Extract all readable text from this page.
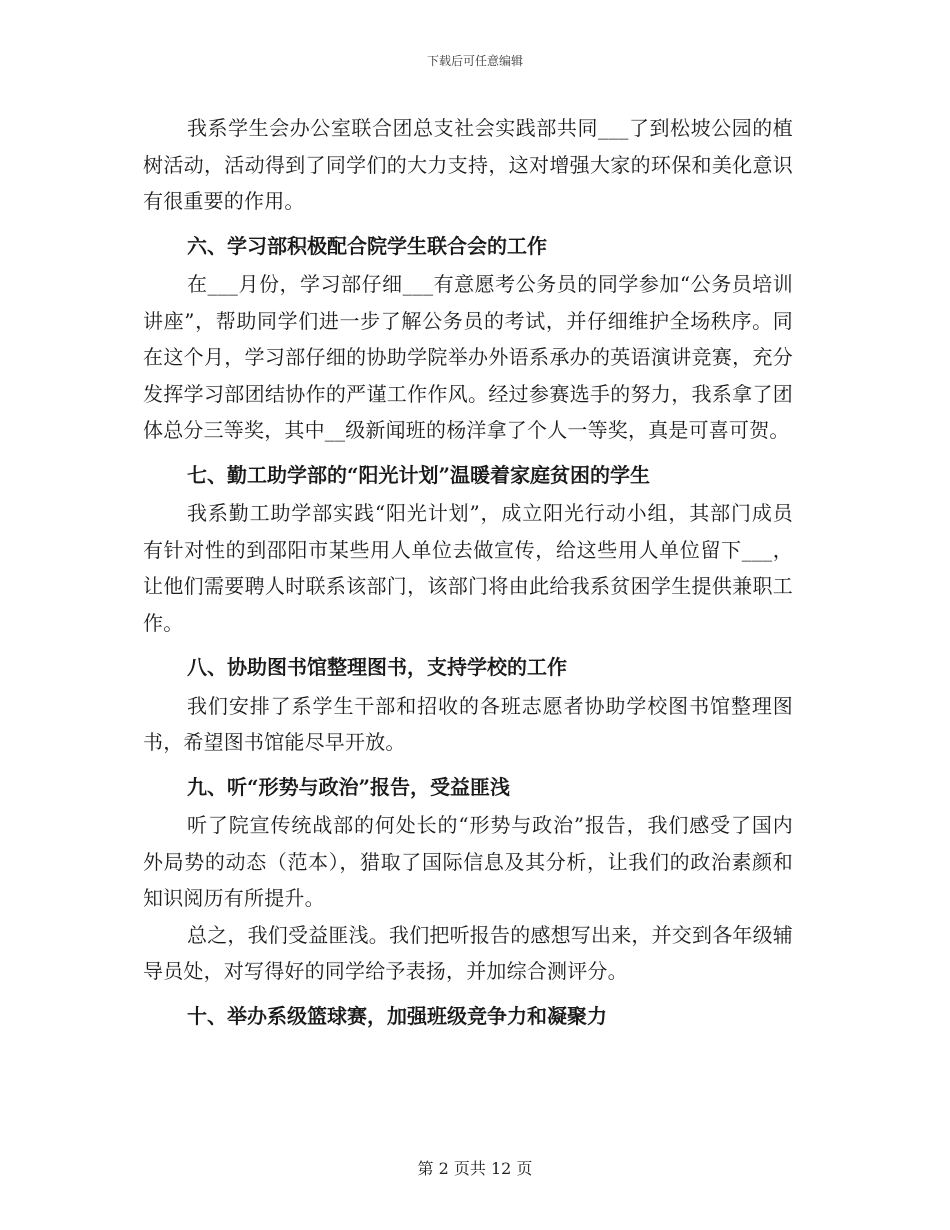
下载后可任意编辑

我系学生会办公室联合团总支社会实践部共同___了到松坡公园的植树活动，活动得到了同学们的大力支持，这对增强大家的环保和美化意识有很重要的作用。

六、学习部积极配合院学生联合会的工作

在___月份，学习部仔细___有意愿考公务员的同学参加“公务员培训讲座”，帮助同学们进一步了解公务员的考试，并仔细维护全场秩序。同在这个月，学习部仔细的协助学院举办外语系承办的英语演讲竞赛，充分发挥学习部团结协作的严谨工作作风。经过参赛选手的努力，我系拿了团体总分三等奖，其中__级新闻班的杨洋拿了个人一等奖，真是可喜可贺。

七、勤工助学部的“阳光计划”温暖着家庭贫困的学生

我系勤工助学部实践“阳光计划”，成立阳光行动小组，其部门成员有针对性的到邵阳市某些用人单位去做宣传，给这些用人单位留下___，让他们需要聘人时联系该部门，该部门将由此给我系贫困学生提供兼职工作。

八、协助图书馆整理图书，支持学校的工作

我们安排了系学生干部和招收的各班志愿者协助学校图书馆整理图书，希望图书馆能尽早开放。

九、听“形势与政治”报告，受益匪浅

听了院宣传统战部的何处长的“形势与政治”报告，我们感受了国内外局势的动态（范本），猎取了国际信息及其分析，让我们的政治素颜和知识阅历有所提升。

总之，我们受益匪浅。我们把听报告的感想写出来，并交到各年级辅导员处，对写得好的同学给予表扬，并加综合测评分。

十、举办系级篮球赛，加强班级竞争力和凝聚力

第 2 页共 12 页
